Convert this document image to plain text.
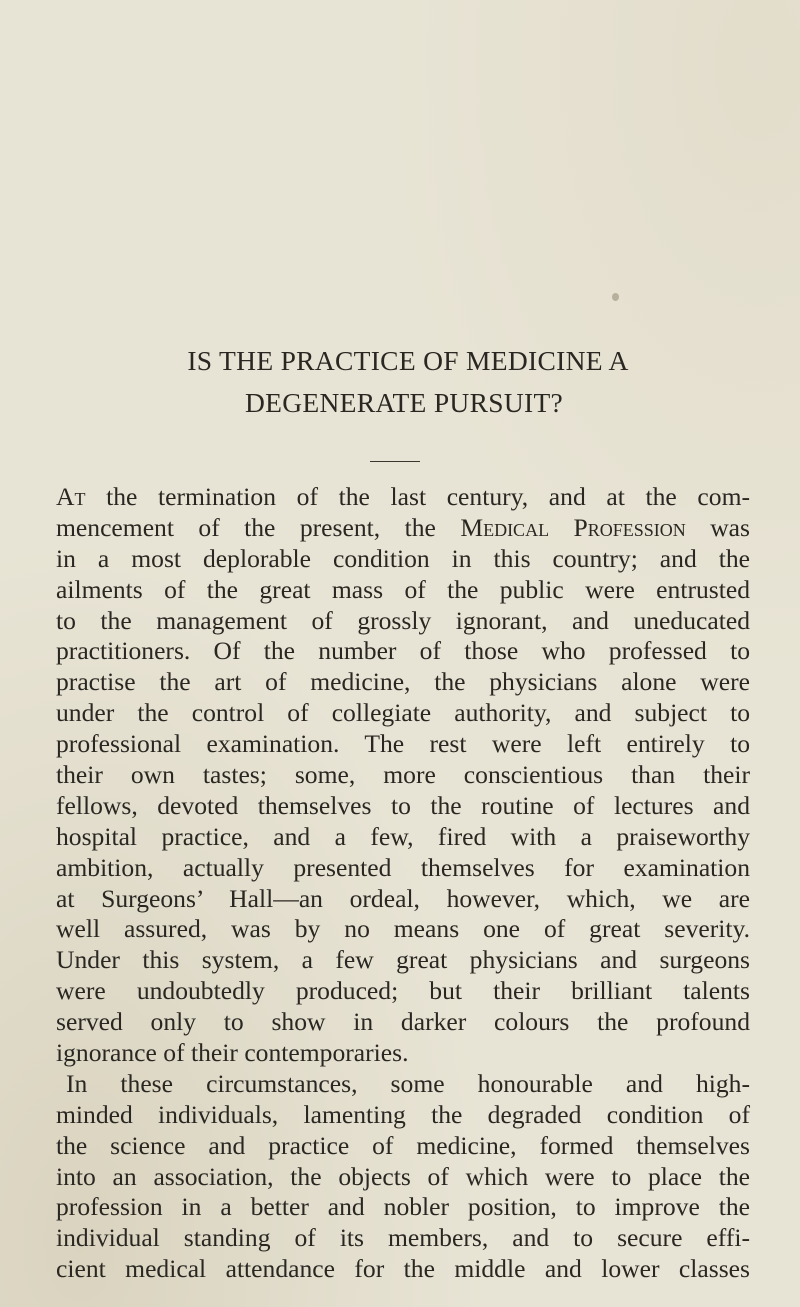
IS THE PRACTICE OF MEDICINE A
DEGENERATE PURSUIT?
At the termination of the last century, and at the com-
mencement of the present, the Medical Profession was
in a most deplorable condition in this country; and the
ailments of the great mass of the public were entrusted
to the management of grossly ignorant, and uneducated
practitioners. Of the number of those who professed to
practise the art of medicine, the physicians alone were
under the control of collegiate authority, and subject to
professional examination. The rest were left entirely to
their own tastes; some, more conscientious than their
fellows, devoted themselves to the routine of lectures and
hospital practice, and a few, fired with a praiseworthy
ambition, actually presented themselves for examination
at Surgeons’ Hall—an ordeal, however, which, we are
well assured, was by no means one of great severity.
Under this system, a few great physicians and surgeons
were undoubtedly produced; but their brilliant talents
served only to show in darker colours the profound
ignorance of their contemporaries.
In these circumstances, some honourable and high-
minded individuals, lamenting the degraded condition of
the science and practice of medicine, formed themselves
into an association, the objects of which were to place the
profession in a better and nobler position, to improve the
individual standing of its members, and to secure effi-
cient medical attendance for the middle and lower classes
